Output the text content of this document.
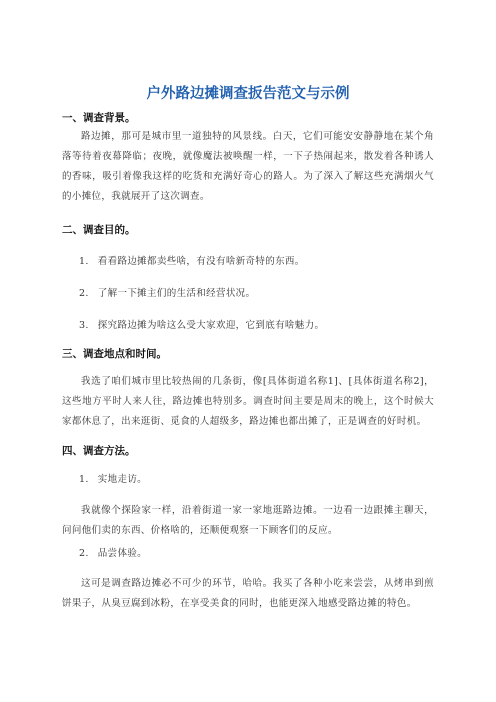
户外路边摊调查扳告范文与示例
一、调查背景。

路边摊，那可是城市里一道独特的风景线。白天，它们可能安安静静地在某个角落等待着夜幕降临；夜晚，就像魔法被唤醒一样，一下子热闹起来，散发着各种诱人的香味，吸引着像我这样的吃货和充满好奇心的路人。为了深入了解这些充满烟火气的小摊位，我就展开了这次调查。

二、调查目的。
1. 看看路边摊都卖些啥，有没有啥新奇特的东西。
2. 了解一下摊主们的生活和经营状况。
3. 探究路边摊为啥这么受大家欢迎，它到底有啥魅力。
三、调查地点和时间。

我选了咱们城市里比较热闹的几条街，像[具体街道名称1]、[具体街道名称2]，这些地方平时人来人往，路边摊也特别多。调查时间主要是周末的晚上，这个时候大家都休息了，出来逛街、觅食的人超级多，路边摊也都出摊了，正是调查的好时机。

四、调查方法。
1. 实地走访。

我就像个探险家一样，沿着街道一家一家地逛路边摊。一边看一边跟摊主聊天，问问他们卖的东西、价格啥的，还顺便观察一下顾客们的反应。

2. 品尝体验。

这可是调查路边摊必不可少的环节，哈哈。我买了各种小吃来尝尝，从烤串到煎饼果子，从臭豆腐到冰粉，在享受美食的同时，也能更深入地感受路边摊的特色。
